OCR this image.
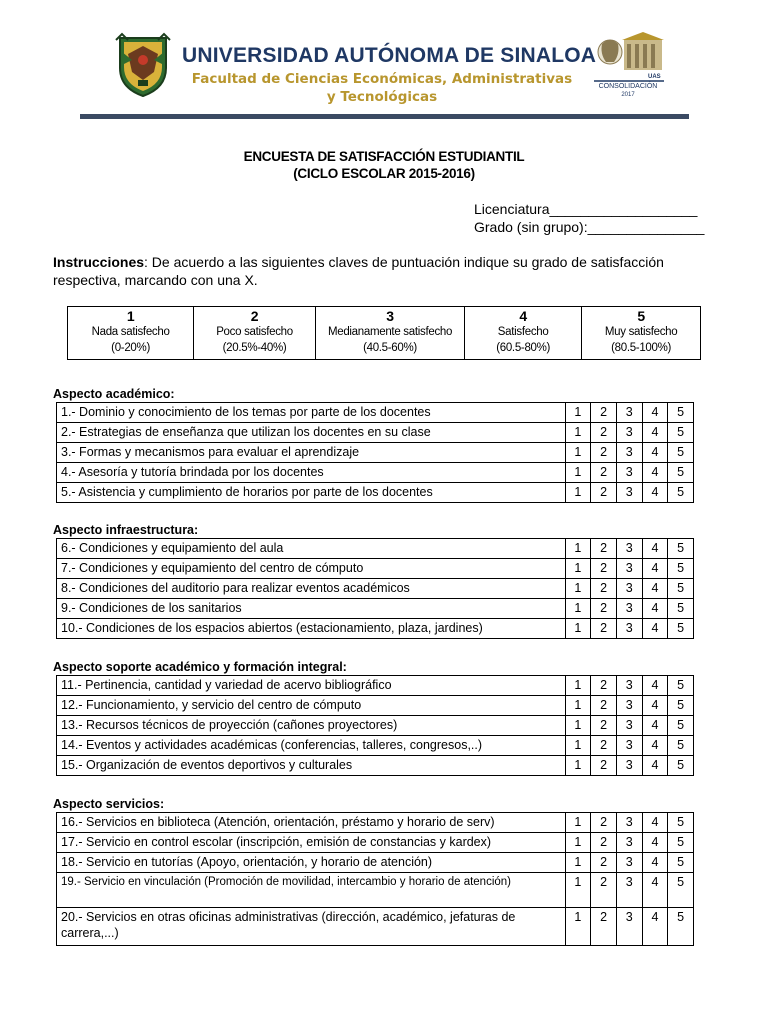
UAS
CONSOLIDACIÓN
2017
UNIVERSIDAD AUTÓNOMA DE SINALOA
Facultad de Ciencias Económicas, Administrativas
y Tecnológicas
ENCUESTA DE SATISFACCIÓN ESTUDIANTIL
(CICLO ESCOLAR 2015-2016)
Licenciatura___________________
Grado (sin grupo):_______________
Instrucciones: De acuerdo a las siguientes claves de puntuación indique su grado de satisfacción respectiva, marcando con una X.
1
Nada satisfecho
(0-20%)

2
Poco satisfecho
(20.5%-40%)

3
Medianamente satisfecho
(40.5-60%)

4
Satisfecho
(60.5-80%)

5
Muy satisfecho
(80.5-100%)
Aspecto académico:
1.- Dominio y conocimiento de los temas por parte de los docentes	1	2	3	4	5
2.- Estrategias de enseñanza que utilizan los docentes en su clase	1	2	3	4	5
3.- Formas y mecanismos para evaluar el aprendizaje	1	2	3	4	5
4.- Asesoría y tutoría brindada por los docentes	1	2	3	4	5
5.- Asistencia y cumplimiento de horarios por parte de los docentes	1	2	3	4	5
Aspecto infraestructura:
6.- Condiciones y equipamiento del aula	1	2	3	4	5
7.- Condiciones y equipamiento del centro de cómputo	1	2	3	4	5
8.- Condiciones del auditorio para realizar eventos académicos	1	2	3	4	5
9.- Condiciones de los sanitarios	1	2	3	4	5
10.- Condiciones de los espacios abiertos (estacionamiento, plaza, jardines)	1	2	3	4	5
Aspecto soporte académico y formación integral:
11.- Pertinencia, cantidad y variedad de acervo bibliográfico	1	2	3	4	5
12.- Funcionamiento, y servicio del centro de cómputo	1	2	3	4	5
13.- Recursos técnicos de proyección (cañones proyectores)	1	2	3	4	5
14.- Eventos y actividades académicas (conferencias, talleres, congresos,..)	1	2	3	4	5
15.- Organización de eventos deportivos y culturales	1	2	3	4	5
Aspecto servicios:
16.- Servicios en biblioteca (Atención, orientación, préstamo y horario de serv)	1	2	3	4	5
17.- Servicio en control escolar (inscripción, emisión de constancias y kardex)	1	2	3	4	5
18.- Servicio en tutorías (Apoyo, orientación, y horario de atención)	1	2	3	4	5
19.- Servicio en vinculación (Promoción de movilidad, intercambio y horario de atención)	1	2	3	4	5
20.- Servicios en otras oficinas administrativas (dirección, académico, jefaturas de carrera,...)	1	2	3	4	5
